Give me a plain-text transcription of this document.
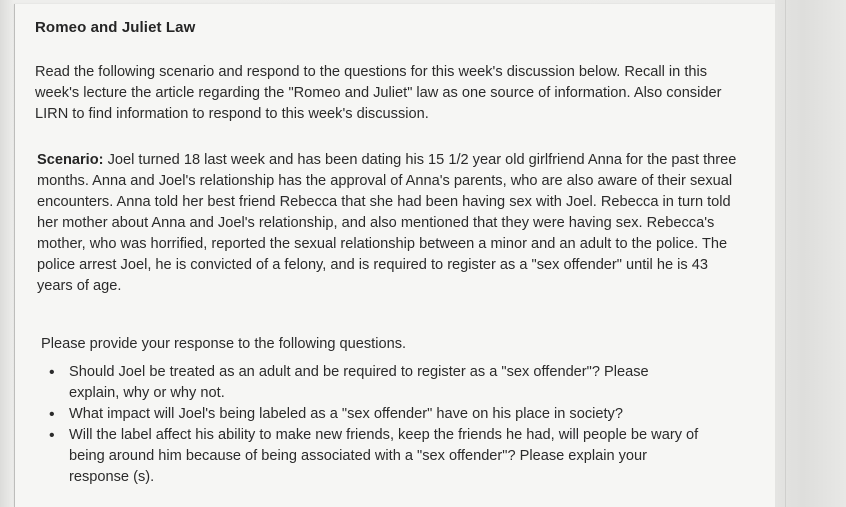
Romeo and Juliet Law
Read the following scenario and respond to the questions for this week's discussion below. Recall in this week's lecture the article regarding the "Romeo and Juliet" law as one source of information. Also consider LIRN to find information to respond to this week's discussion.
Scenario: Joel turned 18 last week and has been dating his 15 1/2 year old girlfriend Anna for the past three months. Anna and Joel's relationship has the approval of Anna's parents, who are also aware of their sexual encounters. Anna told her best friend Rebecca that she had been having sex with Joel. Rebecca in turn told her mother about Anna and Joel's relationship, and also mentioned that they were having sex. Rebecca's mother, who was horrified, reported the sexual relationship between a minor and an adult to the police. The police arrest Joel, he is convicted of a felony, and is required to register as a "sex offender" until he is 43 years of age.
Please provide your response to the following questions.
• Should Joel be treated as an adult and be required to register as a "sex offender"? Please explain, why or why not.
• What impact will Joel's being labeled as a "sex offender" have on his place in society?
• Will the label affect his ability to make new friends, keep the friends he had, will people be wary of being around him because of being associated with a "sex offender"? Please explain your response (s).
